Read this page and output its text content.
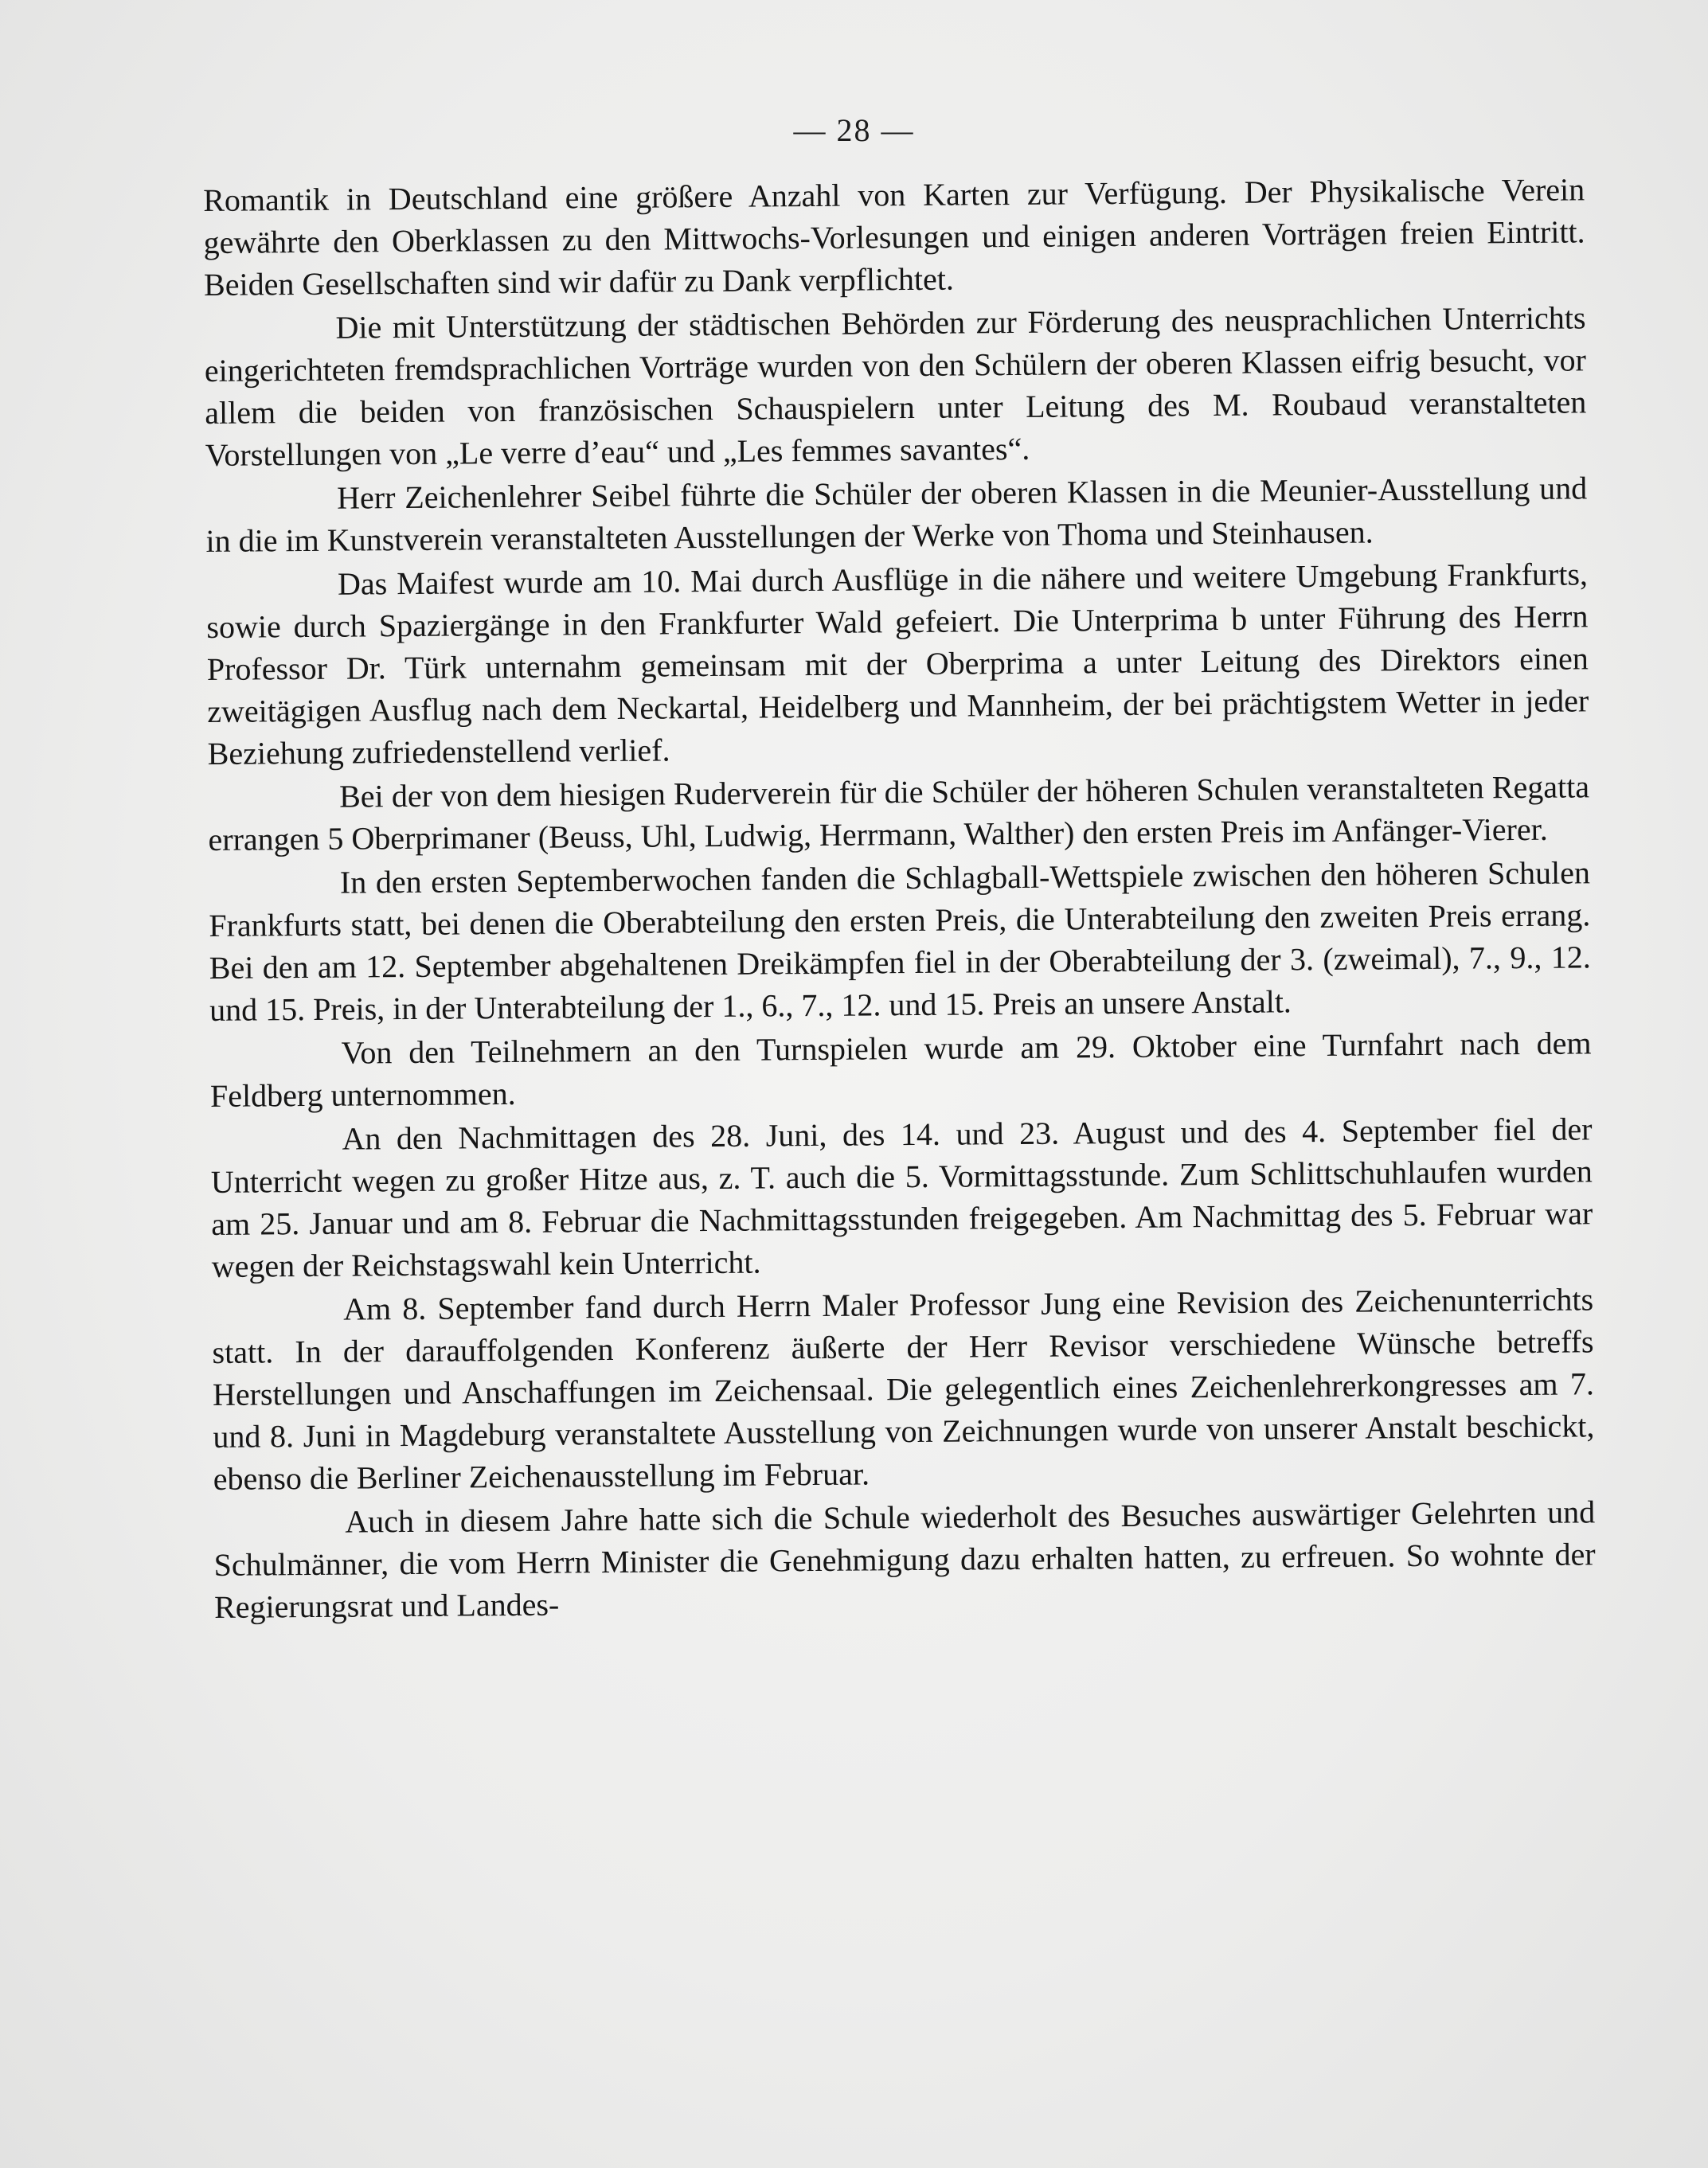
— 28 —

Romantik in Deutschland eine größere Anzahl von Karten zur Verfügung. Der Physikalische Verein gewährte den Oberklassen zu den Mittwochs-Vorlesungen und einigen anderen Vorträgen freien Eintritt. Beiden Gesellschaften sind wir dafür zu Dank verpflichtet.

Die mit Unterstützung der städtischen Behörden zur Förderung des neusprachlichen Unterrichts eingerichteten fremdsprachlichen Vorträge wurden von den Schülern der oberen Klassen eifrig besucht, vor allem die beiden von französischen Schauspielern unter Leitung des M. Roubaud veranstalteten Vorstellungen von „Le verre d’eau“ und „Les femmes savantes“.

Herr Zeichenlehrer Seibel führte die Schüler der oberen Klassen in die Meunier-Ausstellung und in die im Kunstverein veranstalteten Ausstellungen der Werke von Thoma und Steinhausen.

Das Maifest wurde am 10. Mai durch Ausflüge in die nähere und weitere Umgebung Frankfurts, sowie durch Spaziergänge in den Frankfurter Wald gefeiert. Die Unterprima b unter Führung des Herrn Professor Dr. Türk unternahm gemeinsam mit der Oberprima a unter Leitung des Direktors einen zweitägigen Ausflug nach dem Neckartal, Heidelberg und Mannheim, der bei prächtigstem Wetter in jeder Beziehung zufriedenstellend verlief.

Bei der von dem hiesigen Ruderverein für die Schüler der höheren Schulen veranstalteten Regatta errangen 5 Oberprimaner (Beuss, Uhl, Ludwig, Herrmann, Walther) den ersten Preis im Anfänger-Vierer.

In den ersten Septemberwochen fanden die Schlagball-Wettspiele zwischen den höheren Schulen Frankfurts statt, bei denen die Oberabteilung den ersten Preis, die Unterabteilung den zweiten Preis errang. Bei den am 12. September abgehaltenen Dreikämpfen fiel in der Oberabteilung der 3. (zweimal), 7., 9., 12. und 15. Preis, in der Unterabteilung der 1., 6., 7., 12. und 15. Preis an unsere Anstalt.

Von den Teilnehmern an den Turnspielen wurde am 29. Oktober eine Turnfahrt nach dem Feldberg unternommen.

An den Nachmittagen des 28. Juni, des 14. und 23. August und des 4. September fiel der Unterricht wegen zu großer Hitze aus, z. T. auch die 5. Vormittagsstunde. Zum Schlittschuhlaufen wurden am 25. Januar und am 8. Februar die Nachmittagsstunden freigegeben. Am Nachmittag des 5. Februar war wegen der Reichstagswahl kein Unterricht.

Am 8. September fand durch Herrn Maler Professor Jung eine Revision des Zeichenunterrichts statt. In der darauffolgenden Konferenz äußerte der Herr Revisor verschiedene Wünsche betreffs Herstellungen und Anschaffungen im Zeichensaal. Die gelegentlich eines Zeichenlehrerkongresses am 7. und 8. Juni in Magdeburg veranstaltete Ausstellung von Zeichnungen wurde von unserer Anstalt beschickt, ebenso die Berliner Zeichenausstellung im Februar.

Auch in diesem Jahre hatte sich die Schule wiederholt des Besuches auswärtiger Gelehrten und Schulmänner, die vom Herrn Minister die Genehmigung dazu erhalten hatten, zu erfreuen. So wohnte der Regierungsrat und Landes-
